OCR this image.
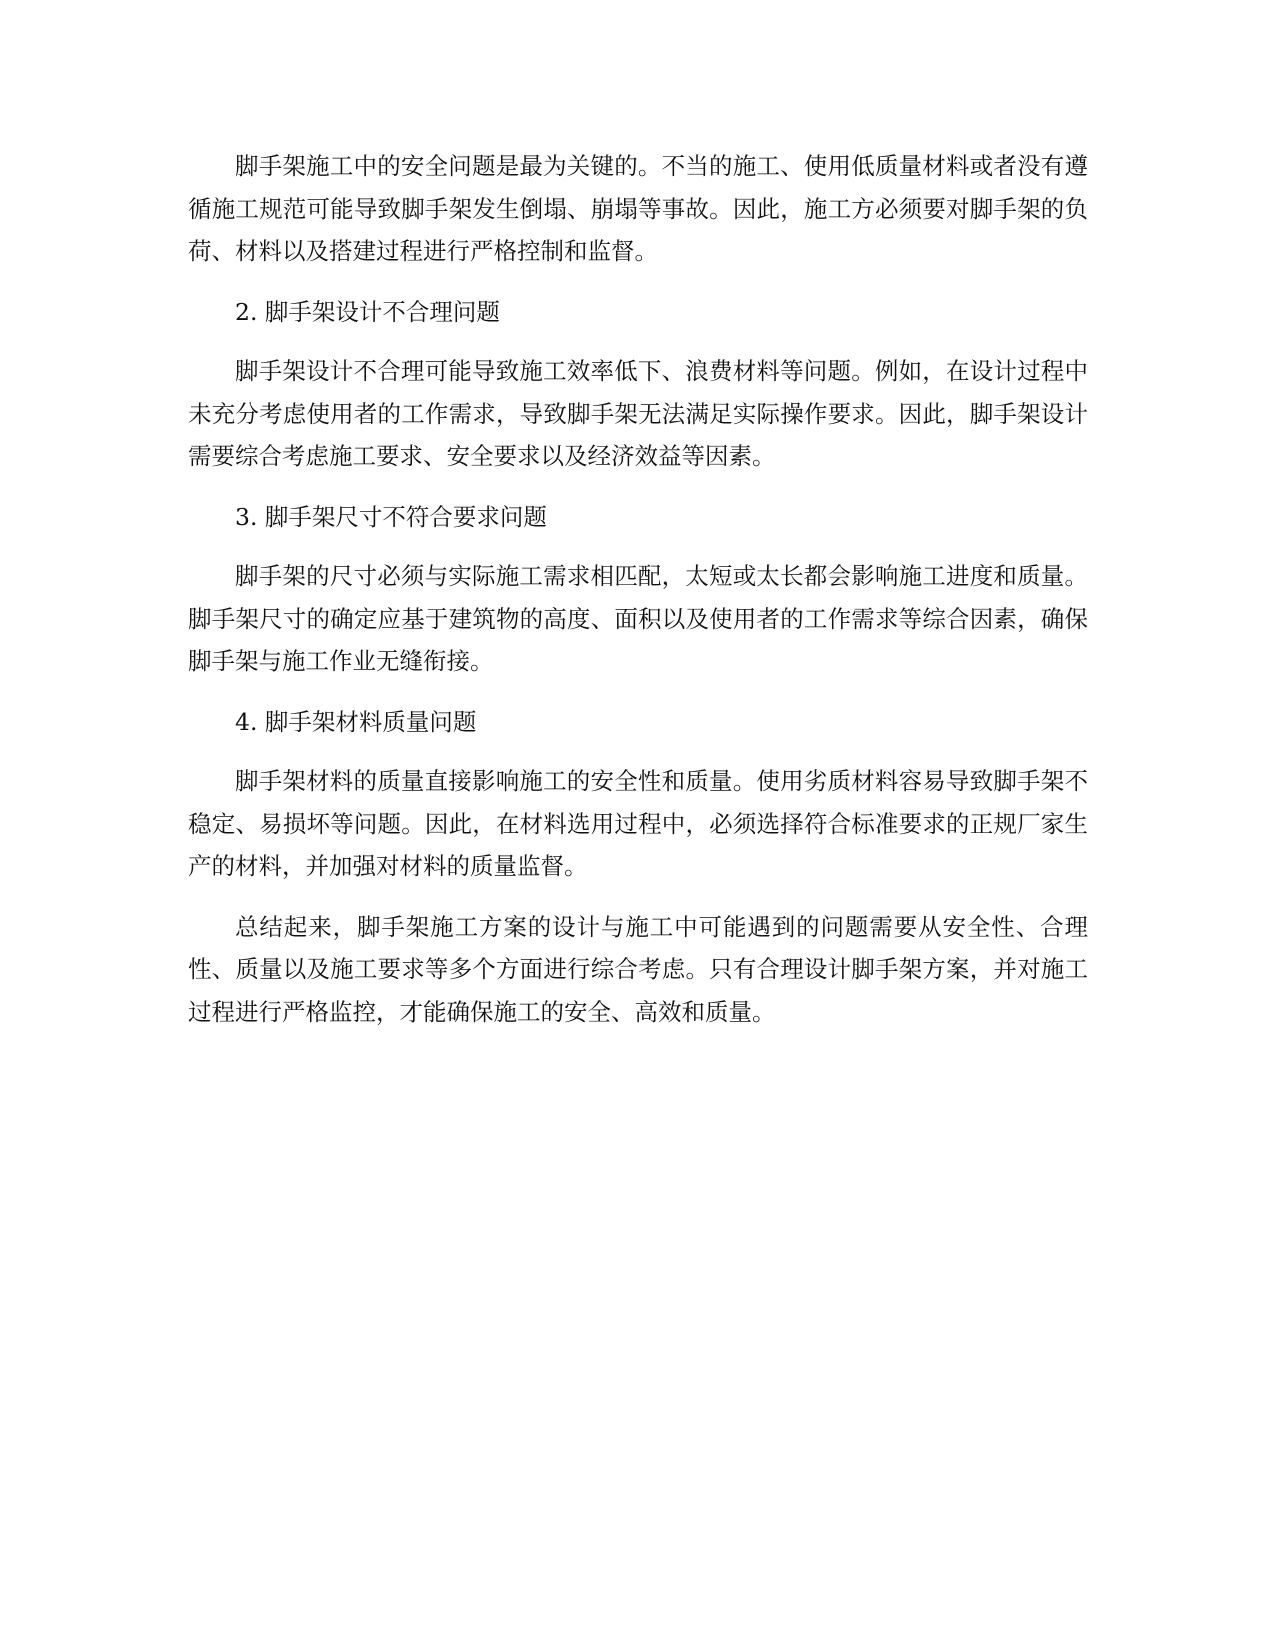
脚手架施工中的安全问题是最为关键的。不当的施工、使用低质量材料或者没有遵循施工规范可能导致脚手架发生倒塌、崩塌等事故。因此，施工方必须要对脚手架的负荷、材料以及搭建过程进行严格控制和监督。

2. 脚手架设计不合理问题

脚手架设计不合理可能导致施工效率低下、浪费材料等问题。例如，在设计过程中未充分考虑使用者的工作需求，导致脚手架无法满足实际操作要求。因此，脚手架设计需要综合考虑施工要求、安全要求以及经济效益等因素。

3. 脚手架尺寸不符合要求问题

脚手架的尺寸必须与实际施工需求相匹配，太短或太长都会影响施工进度和质量。脚手架尺寸的确定应基于建筑物的高度、面积以及使用者的工作需求等综合因素，确保脚手架与施工作业无缝衔接。

4. 脚手架材料质量问题

脚手架材料的质量直接影响施工的安全性和质量。使用劣质材料容易导致脚手架不稳定、易损坏等问题。因此，在材料选用过程中，必须选择符合标准要求的正规厂家生产的材料，并加强对材料的质量监督。

总结起来，脚手架施工方案的设计与施工中可能遇到的问题需要从安全性、合理性、质量以及施工要求等多个方面进行综合考虑。只有合理设计脚手架方案，并对施工过程进行严格监控，才能确保施工的安全、高效和质量。
